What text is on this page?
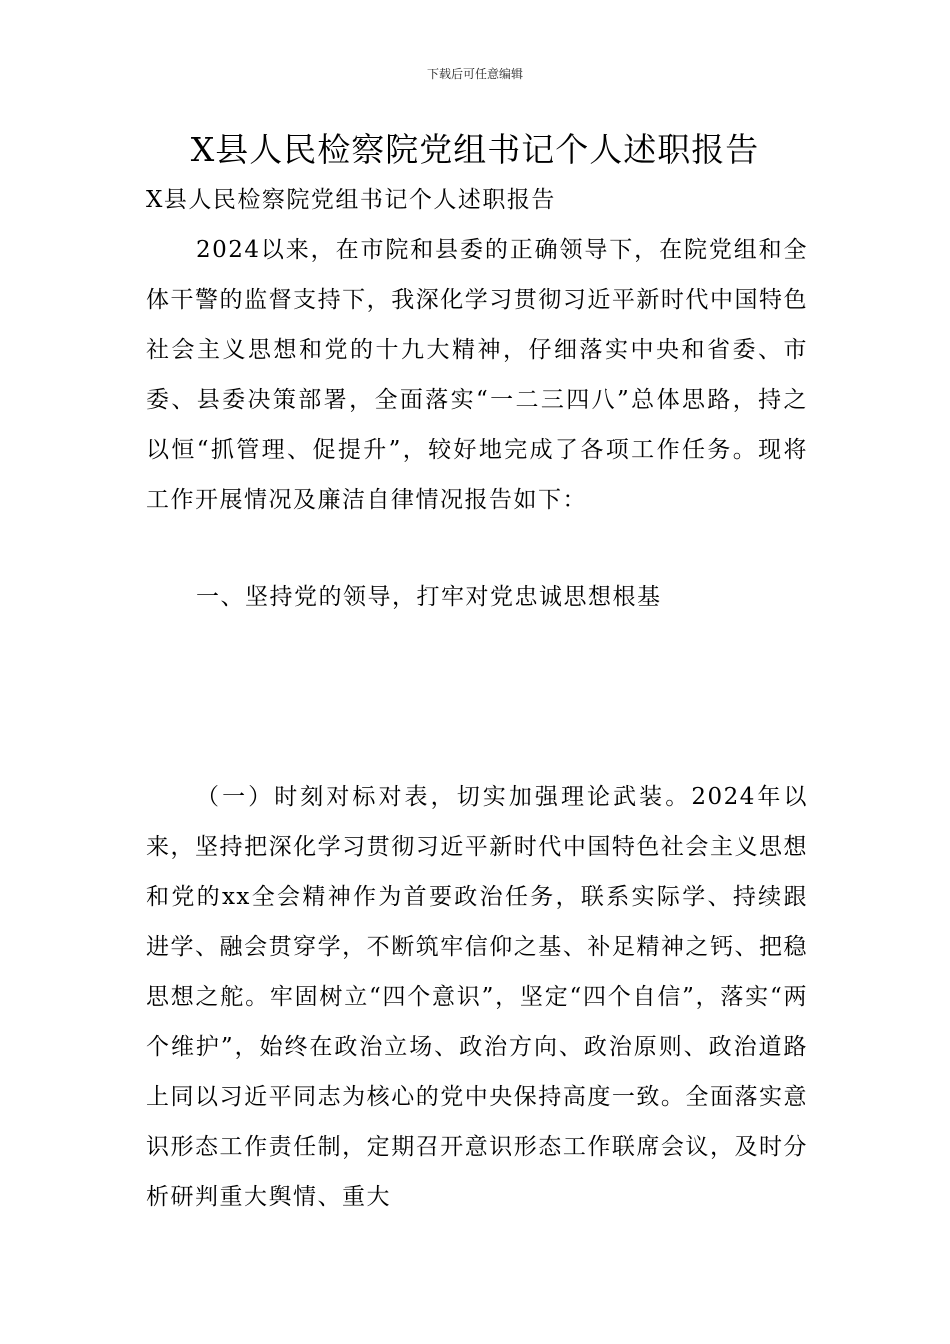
下载后可任意编辑
X县人民检察院党组书记个人述职报告
X县人民检察院党组书记个人述职报告
2024以来，在市院和县委的正确领导下，在院党组和全体干警的监督支持下，我深化学习贯彻习近平新时代中国特色社会主义思想和党的十九大精神，仔细落实中央和省委、市委、县委决策部署，全面落实“一二三四八”总体思路，持之以恒“抓管理、促提升”，较好地完成了各项工作任务。现将工作开展情况及廉洁自律情况报告如下：
一、坚持党的领导，打牢对党忠诚思想根基
（一）时刻对标对表，切实加强理论武装。2024年以来，坚持把深化学习贯彻习近平新时代中国特色社会主义思想和党的xx全会精神作为首要政治任务，联系实际学、持续跟进学、融会贯穿学，不断筑牢信仰之基、补足精神之钙、把稳思想之舵。牢固树立“四个意识”，坚定“四个自信”，落实“两个维护”，始终在政治立场、政治方向、政治原则、政治道路上同以习近平同志为核心的党中央保持高度一致。全面落实意识形态工作责任制，定期召开意识形态工作联席会议，及时分析研判重大舆情、重大
